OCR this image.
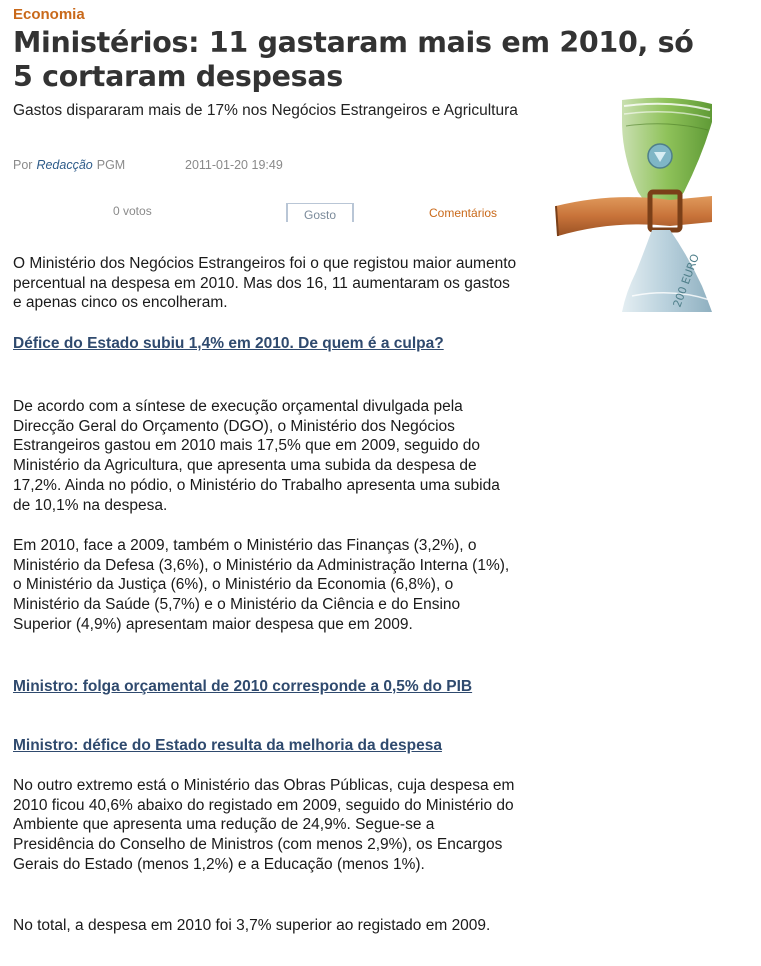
Economia
Ministérios: 11 gastaram mais em 2010, só 5 cortaram despesas
Gastos dispararam mais de 17% nos Negócios Estrangeiros e Agricultura
Por Redacção PGM	2011-01-20 19:49
0 votos	Gosto	Comentários
200 EURO
O Ministério dos Negócios Estrangeiros foi o que registou maior aumento percentual na despesa em 2010. Mas dos 16, 11 aumentaram os gastos e apenas cinco os encolheram.
Défice do Estado subiu 1,4% em 2010. De quem é a culpa?
De acordo com a síntese de execução orçamental divulgada pela Direcção Geral do Orçamento (DGO), o Ministério dos Negócios Estrangeiros gastou em 2010 mais 17,5% que em 2009, seguido do Ministério da Agricultura, que apresenta uma subida da despesa de 17,2%. Ainda no pódio, o Ministério do Trabalho apresenta uma subida de 10,1% na despesa.
Em 2010, face a 2009, também o Ministério das Finanças (3,2%), o Ministério da Defesa (3,6%), o Ministério da Administração Interna (1%), o Ministério da Justiça (6%), o Ministério da Economia (6,8%), o Ministério da Saúde (5,7%) e o Ministério da Ciência e do Ensino Superior (4,9%) apresentam maior despesa que em 2009.
Ministro: folga orçamental de 2010 corresponde a 0,5% do PIB
Ministro: défice do Estado resulta da melhoria da despesa
No outro extremo está o Ministério das Obras Públicas, cuja despesa em 2010 ficou 40,6% abaixo do registado em 2009, seguido do Ministério do Ambiente que apresenta uma redução de 24,9%. Segue-se a Presidência do Conselho de Ministros (com menos 2,9%), os Encargos Gerais do Estado (menos 1,2%) e a Educação (menos 1%).
No total, a despesa em 2010 foi 3,7% superior ao registado em 2009.
